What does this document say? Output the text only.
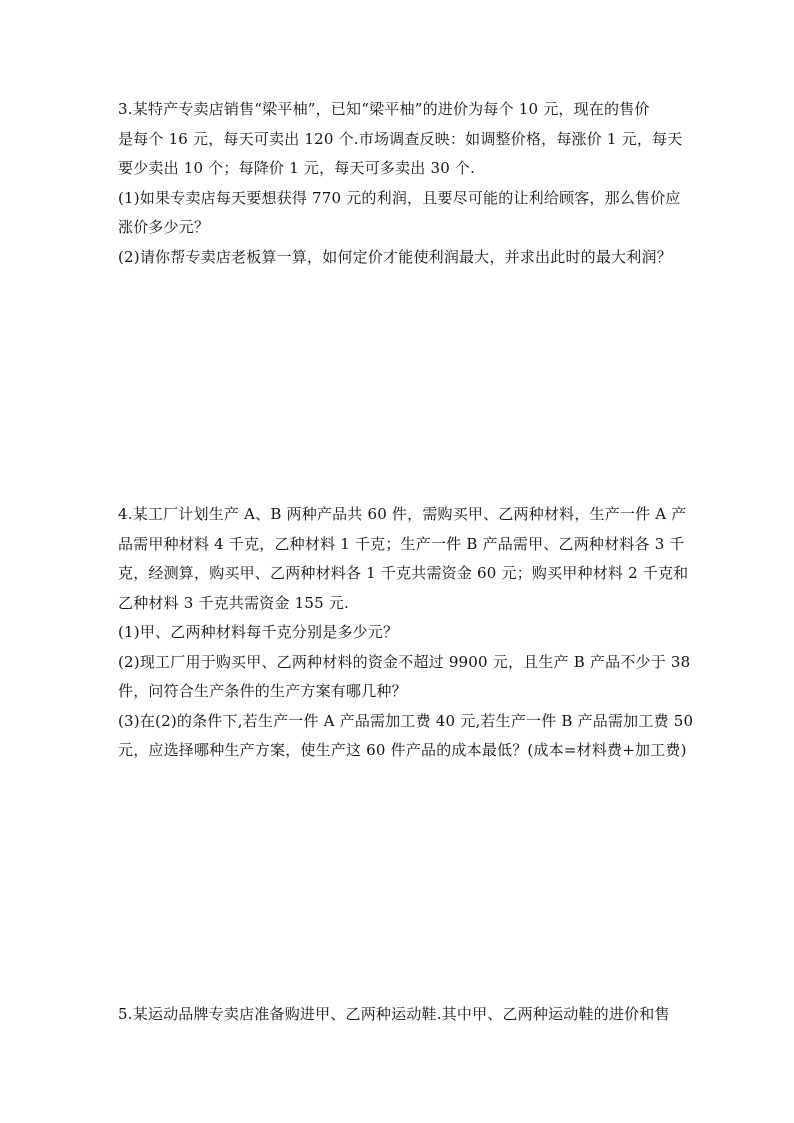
3.某特产专卖店销售“梁平柚”，已知“梁平柚”的进价为每个 10 元，现在的售价
是每个 16 元，每天可卖出 120 个.市场调查反映：如调整价格，每涨价 1 元，每天
要少卖出 10 个；每降价 1 元，每天可多卖出 30 个.
(1)如果专卖店每天要想获得 770 元的利润，且要尽可能的让利给顾客，那么售价应
涨价多少元？
(2)请你帮专卖店老板算一算，如何定价才能使利润最大，并求出此时的最大利润？
4.某工厂计划生产 A、B 两种产品共 60 件，需购买甲、乙两种材料，生产一件 A 产
品需甲种材料 4 千克，乙种材料 1 千克；生产一件 B 产品需甲、乙两种材料各 3 千
克，经测算，购买甲、乙两种材料各 1 千克共需资金 60 元；购买甲种材料 2 千克和
乙种材料 3 千克共需资金 155 元.
(1)甲、乙两种材料每千克分别是多少元？
(2)现工厂用于购买甲、乙两种材料的资金不超过 9900 元，且生产 B 产品不少于 38
件，问符合生产条件的生产方案有哪几种？
(3)在(2)的条件下,若生产一件 A 产品需加工费 40 元,若生产一件 B 产品需加工费 50
元，应选择哪种生产方案，使生产这 60 件产品的成本最低？(成本=材料费+加工费)
5.某运动品牌专卖店准备购进甲、乙两种运动鞋.其中甲、乙两种运动鞋的进价和售
